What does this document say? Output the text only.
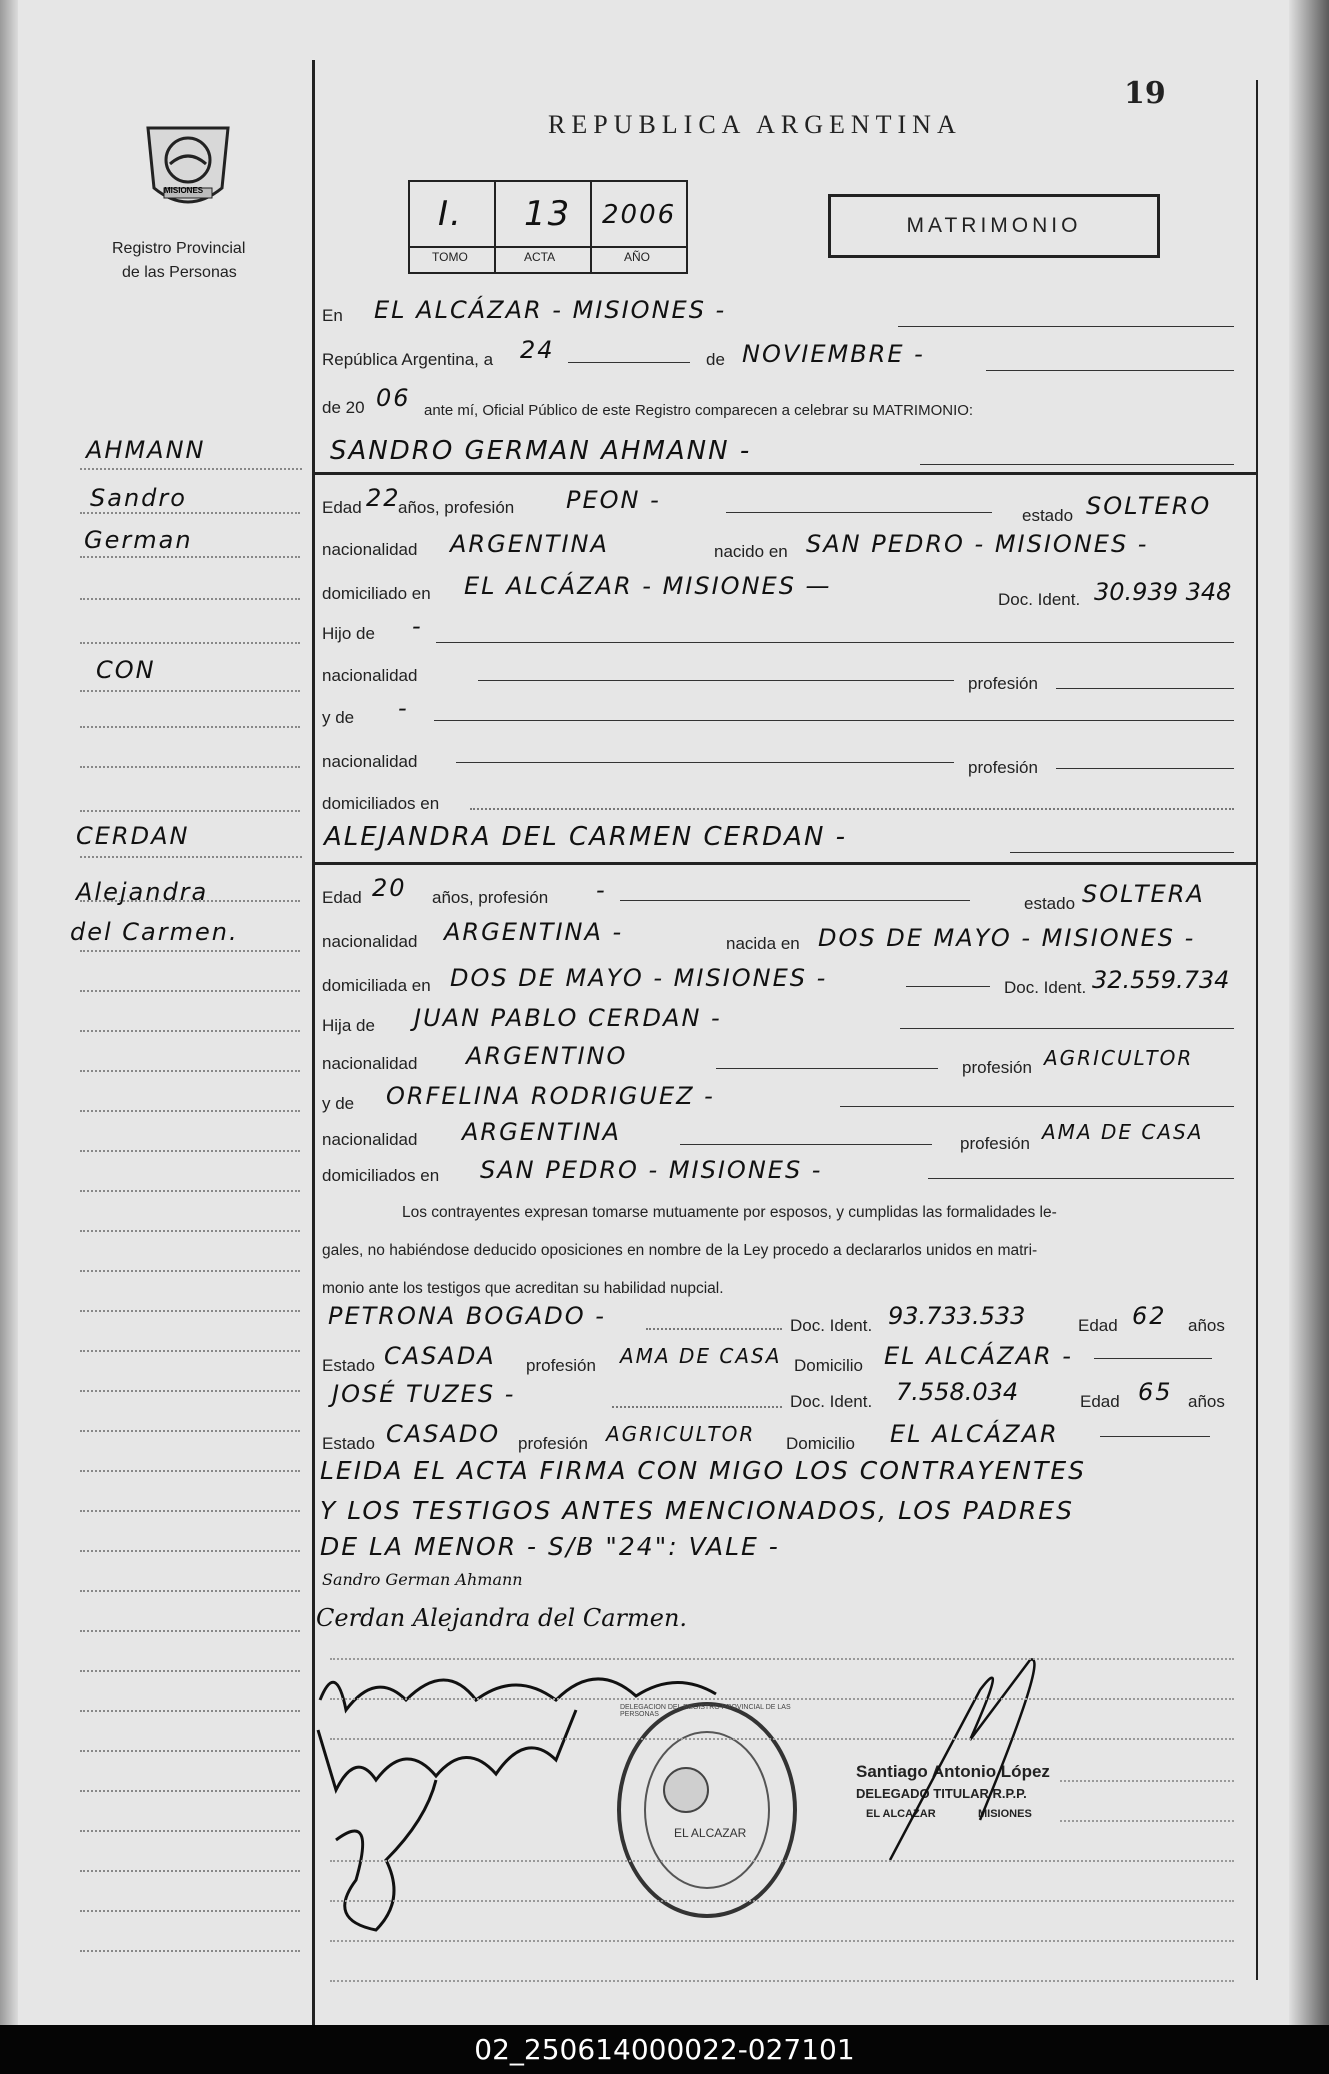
MISIONES
Registro Provincial
de las Personas
REPUBLICA ARGENTINA
19
I. 13 2006
TOMO	ACTA	AÑO
MATRIMONIO
En EL ALCÁZAR - MISIONES -
República Argentina, a 24	de NOVIEMBRE -
de 20 06 ante mí, Oficial Público de este Registro comparecen a celebrar su MATRIMONIO:
AHMANN
Sandro
German
SANDRO GERMAN AHMANN -
Edad 22
años, profesión PEON -
estado SOLTERO
nacionalidad ARGENTINA	nacido en SAN PEDRO - MISIONES -
domiciliado en EL ALCÁZAR - MISIONES —	Doc. Ident. 30.939 348
Hijo de -
CON	nacionalidad	profesión
y de -
nacionalidad	profesión
domiciliados en
CERDAN
Alejandra
del Carmen.
ALEJANDRA DEL CARMEN CERDAN -
Edad 20 años, profesión -	estado SOLTERA
nacionalidad ARGENTINA -	nacida en DOS DE MAYO - MISIONES -
domiciliada en DOS DE MAYO - MISIONES -	Doc. Ident. 32.559.734
Hija de JUAN PABLO CERDAN -
nacionalidad ARGENTINO	profesión AGRICULTOR
y de ORFELINA RODRIGUEZ -
nacionalidad ARGENTINA	profesión AMA DE CASA
domiciliados en SAN PEDRO - MISIONES -
Los contrayentes expresan tomarse mutuamente por esposos, y cumplidas las formalidades le-
gales, no habiéndose deducido oposiciones en nombre de la Ley procedo a declararlos unidos en matri-
monio ante los testigos que acreditan su habilidad nupcial.
PETRONA BOGADO -	Doc. Ident. 93.733.533	Edad 62 años
Estado CASADA profesión AMA DE CASA Domicilio EL ALCÁZAR -
JOSÉ TUZES -	Doc. Ident. 7.558.034	Edad 65 años
Estado CASADO profesión AGRICULTOR Domicilio EL ALCÁZAR
LEIDA EL ACTA FIRMA CON MIGO LOS CONTRAYENTES
Y LOS TESTIGOS ANTES MENCIONADOS, LOS PADRES
DE LA MENOR - S/B "24": VALE -
Sandro German Ahmann
Cerdan Alejandra del Carmen.
EL ALCAZAR
DELEGACION DEL REGISTRO PROVINCIAL DE LAS PERSONAS
Santiago Antonio López
DELEGADO TITULAR R.P.P.
EL ALCAZAR	MISIONES
02_250614000022-027101
